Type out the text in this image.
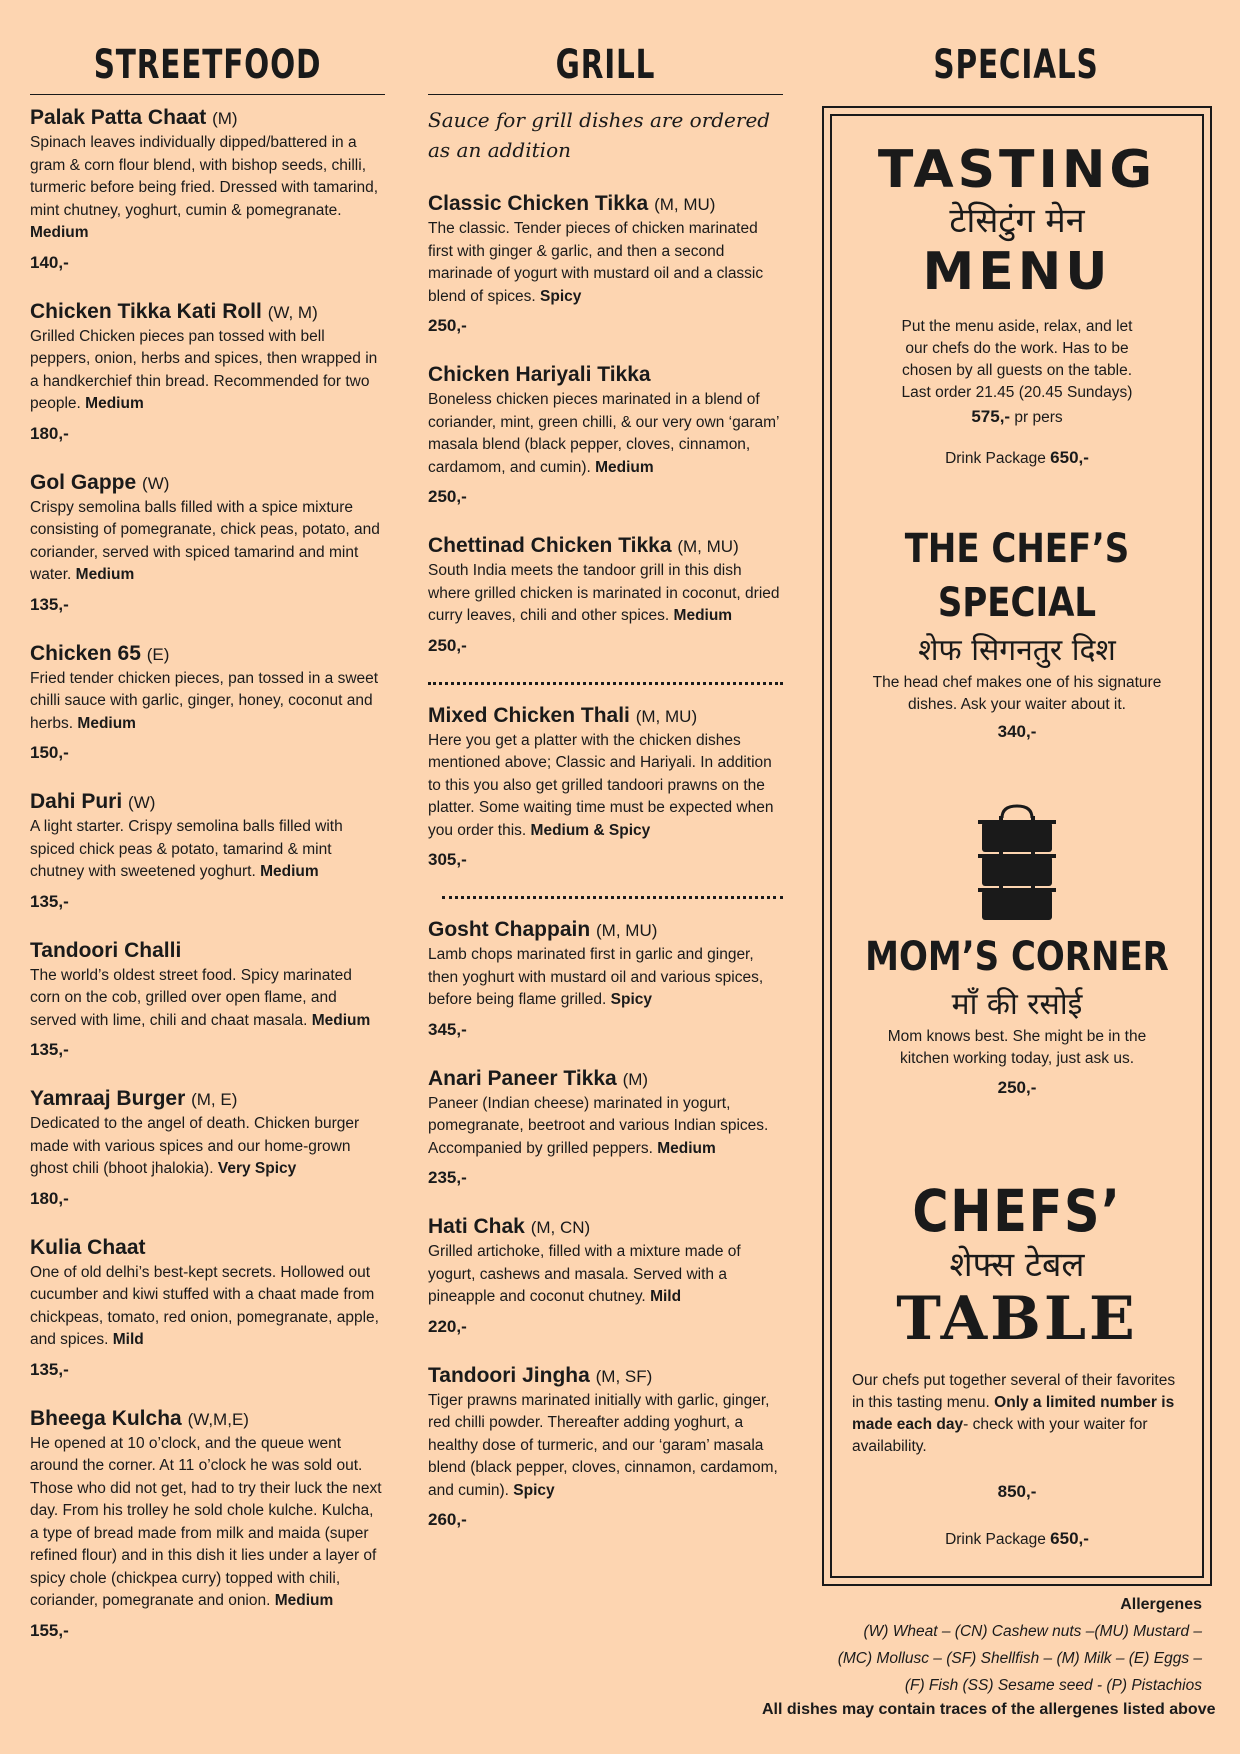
STREETFOOD
Palak Patta Chaat (M)
Spinach leaves individually dipped/battered in a gram & corn flour blend, with bishop seeds, chilli, turmeric before being fried. Dressed with tamarind, mint chutney, yoghurt, cumin & pomegranate. Medium
140,-
Chicken Tikka Kati Roll (W, M)
Grilled Chicken pieces pan tossed with bell peppers, onion, herbs and spices, then wrapped in a handkerchief thin bread. Recommended for two people. Medium
180,-
Gol Gappe (W)
Crispy semolina balls filled with a spice mixture consisting of pomegranate, chick peas, potato, and coriander, served with spiced tamarind and mint water. Medium
135,-
Chicken 65 (E)
Fried tender chicken pieces, pan tossed in a sweet chilli sauce with garlic, ginger, honey, coconut and herbs. Medium
150,-
Dahi Puri (W)
A light starter. Crispy semolina balls filled with spiced chick peas & potato, tamarind & mint chutney with sweetened yoghurt. Medium
135,-
Tandoori Challi
The world’s oldest street food. Spicy marinated corn on the cob, grilled over open flame, and served with lime, chili and chaat masala. Medium
135,-
Yamraaj Burger (M, E)
Dedicated to the angel of death. Chicken burger made with various spices and our home-grown ghost chili (bhoot jhalokia). Very Spicy
180,-
Kulia Chaat
One of old delhi’s best-kept secrets. Hollowed out cucumber and kiwi stuffed with a chaat made from chickpeas, tomato, red onion, pomegranate, apple, and spices. Mild
135,-
Bheega Kulcha (W,M,E)
He opened at 10 o’clock, and the queue went around the corner. At 11 o’clock he was sold out. Those who did not get, had to try their luck the next day. From his trolley he sold chole kulche. Kulcha, a type of bread made from milk and maida (super refined flour) and in this dish it lies under a layer of spicy chole (chickpea curry) topped with chili, coriander, pomegranate and onion. Medium
155,-
GRILL
Sauce for grill dishes are ordered as an addition
Classic Chicken Tikka (M, MU)
The classic. Tender pieces of chicken marinated first with ginger & garlic, and then a second marinade of yogurt with mustard oil and a classic blend of spices. Spicy
250,-
Chicken Hariyali Tikka
Boneless chicken pieces marinated in a blend of coriander, mint, green chilli, & our very own ‘garam’ masala blend (black pepper, cloves, cinnamon, cardamom, and cumin). Medium
250,-
Chettinad Chicken Tikka (M, MU)
South India meets the tandoor grill in this dish where grilled chicken is marinated in coconut, dried curry leaves, chili and other spices. Medium
250,-
Mixed Chicken Thali (M, MU)
Here you get a platter with the chicken dishes mentioned above; Classic and Hariyali. In addition to this you also get grilled tandoori prawns on the platter. Some waiting time must be expected when you order this. Medium & Spicy
305,-
Gosht Chappain (M, MU)
Lamb chops marinated first in garlic and ginger, then yoghurt with mustard oil and various spices, before being flame grilled. Spicy
345,-
Anari Paneer Tikka (M)
Paneer (Indian cheese) marinated in yogurt, pomegranate, beetroot and various Indian spices. Accompanied by grilled peppers. Medium
235,-
Hati Chak (M, CN)
Grilled artichoke, filled with a mixture made of yogurt, cashews and masala. Served with a pineapple and coconut chutney. Mild
220,-
Tandoori Jingha (M, SF)
Tiger prawns marinated initially with garlic, ginger, red chilli powder. Thereafter adding yoghurt, a healthy dose of turmeric, and our ‘garam’ masala blend (black pepper, cloves, cinnamon, cardamom, and cumin). Spicy
260,-
SPECIALS
TASTING
टेसि‍टुंग मेन
MENU
Put the menu aside, relax, and let our chefs do the work. Has to be chosen by all guests on the table. Last order 21.45 (20.45 Sundays)
575,- pr pers
Drink Package 650,-
THE CHEF’S
SPECIAL
शेफ सिगनतुर दिश
The head chef makes one of his signature dishes. Ask your waiter about it.
340,-
MOM’S CORNER
माँ की रसोई
Mom knows best. She might be in the kitchen working today, just ask us.
250,-
CHEFS’
शेफ्स टेबल
TABLE
Our chefs put together several of their favorites in this tasting menu. Only a limited number is made each day- check with your waiter for availability.
850,-
Drink Package 650,-
Allergenes
(W) Wheat – (CN) Cashew nuts –(MU) Mustard –
(MC) Mollusc – (SF) Shellfish – (M) Milk – (E) Eggs –
(F) Fish (SS) Sesame seed - (P) Pistachios
All dishes may contain traces of the allergenes listed above
